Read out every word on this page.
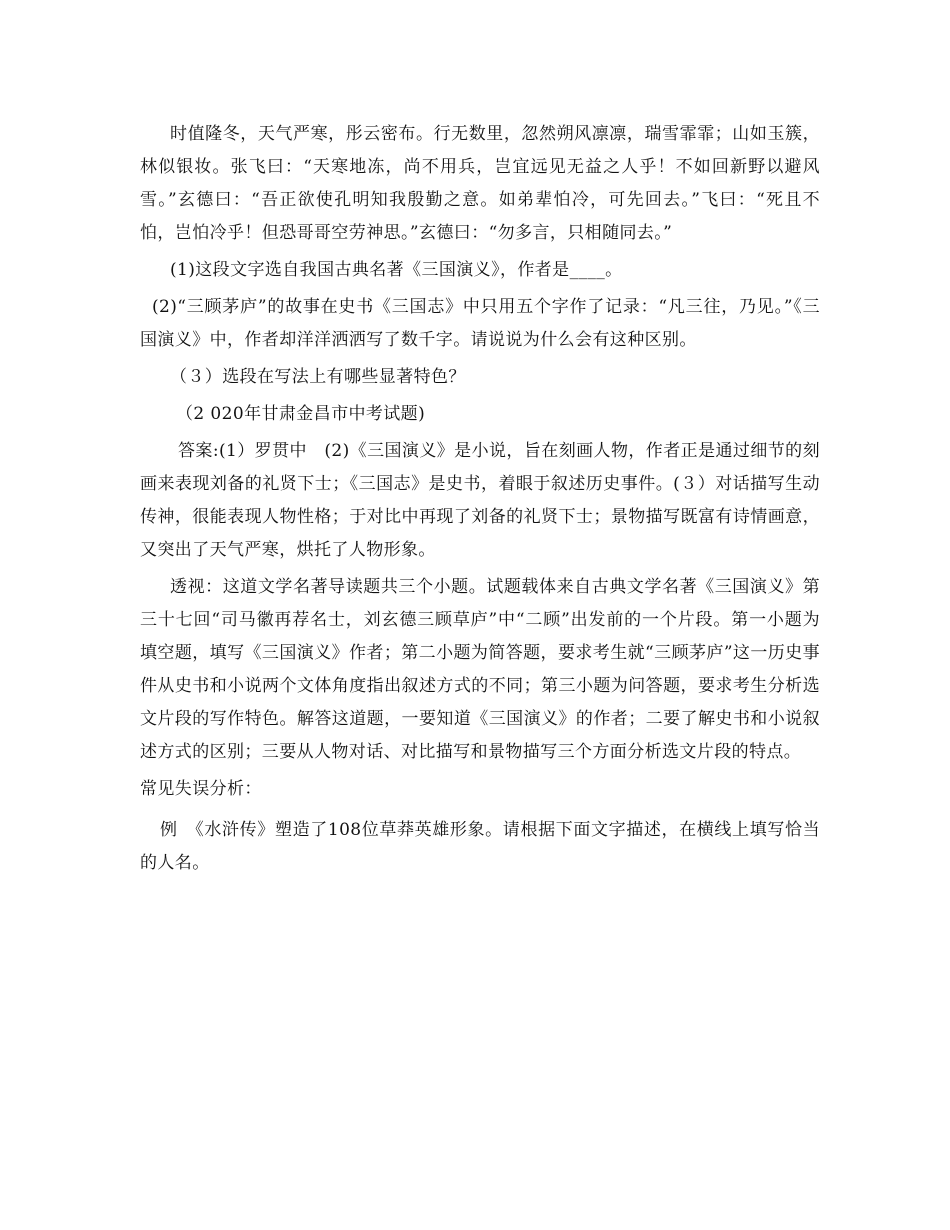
时值隆冬，天气严寒，彤云密布。行无数里，忽然朔风凛凛，瑞雪霏霏；山如玉簇，林似银妆。张飞曰：“天寒地冻，尚不用兵，岂宜远见无益之人乎！不如回新野以避风雪。”玄德曰：“吾正欲使孔明知我殷勤之意。如弟辈怕冷，可先回去。”飞曰：“死且不怕，岂怕冷乎！但恐哥哥空劳神思。”玄德曰：“勿多言，只相随同去。”

(1)这段文字选自我国古典名著《三国演义》，作者是____。

(2)“三顾茅庐”的故事在史书《三国志》中只用五个字作了记录：“凡三往，乃见。”《三国演义》中，作者却洋洋洒洒写了数千字。请说说为什么会有这种区别。

（３）选段在写法上有哪些显著特色？

（2 020年甘肃金昌市中考试题)

答案:(1）罗贯中　(2)《三国演义》是小说，旨在刻画人物，作者正是通过细节的刻画来表现刘备的礼贤下士；《三国志》是史书，着眼于叙述历史事件。(３）对话描写生动传神，很能表现人物性格；于对比中再现了刘备的礼贤下士；景物描写既富有诗情画意，又突出了天气严寒，烘托了人物形象。

透视：这道文学名著导读题共三个小题。试题载体来自古典文学名著《三国演义》第三十七回“司马徽再荐名士，刘玄德三顾草庐”中“二顾”出发前的一个片段。第一小题为填空题，填写《三国演义》作者；第二小题为简答题，要求考生就“三顾茅庐”这一历史事件从史书和小说两个文体角度指出叙述方式的不同；第三小题为问答题，要求考生分析选文片段的写作特色。解答这道题，一要知道《三国演义》的作者；二要了解史书和小说叙述方式的区别；三要从人物对话、对比描写和景物描写三个方面分析选文片段的特点。

常见失误分析：

例　《水浒传》塑造了108位草莽英雄形象。请根据下面文字描述，在横线上填写恰当的人名。
